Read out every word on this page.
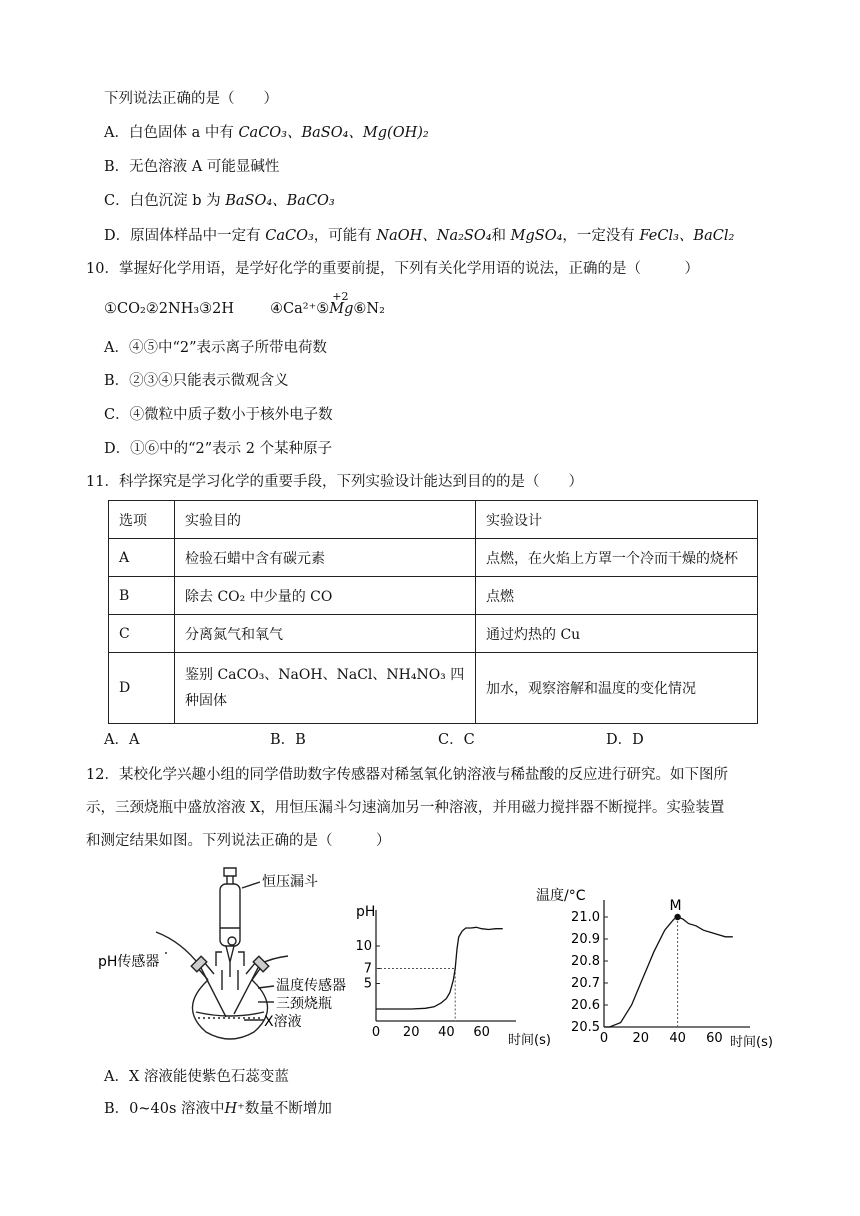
下列说法正确的是（　　）
A．白色固体 a 中有 CaCO₃、BaSO₄、Mg(OH)₂
B．无色溶液 A 可能显碱性
C．白色沉淀 b 为 BaSO₄、BaCO₃
D．原固体样品中一定有 CaCO₃，可能有 NaOH、Na₂SO₄和 MgSO₄，一定没有 FeCl₃、BaCl₂
10．掌握好化学用语，是学好化学的重要前提，下列有关化学用语的说法，正确的是（　　　）
①CO₂②2NH₃③2H ④Ca²⁺⑤Mg
+2
⑥N₂
A．④⑤中“2”表示离子所带电荷数
B．②③④只能表示微观含义
C．④微粒中质子数小于核外电子数
D．①⑥中的“2”表示 2 个某种原子
11．科学探究是学习化学的重要手段，下列实验设计能达到目的的是（　　）
选项	实验目的	实验设计
A	检验石蜡中含有碳元素	点燃，在火焰上方罩一个冷而干燥的烧杯
B	除去 CO₂ 中少量的 CO	点燃
C	分离氮气和氧气	通过灼热的 Cu
D	鉴别 CaCO₃、NaOH、NaCl、NH₄NO₃ 四种固体	加水，观察溶解和温度的变化情况
A．A	B．B	C．C	D．D
12．某校化学兴趣小组的同学借助数字传感器对稀氢氧化钠溶液与稀盐酸的反应进行研究。如下图所
示，三颈烧瓶中盛放溶液 X，用恒压漏斗匀速滴加另一种溶液，并用磁力搅拌器不断搅拌。实验装置
和测定结果如图。下列说法正确的是（　　　）
恒压漏斗
pH传感器
温度传感器
三颈烧瓶
X溶液
pH
时间(s)
0 20 40 60
5
7
10
温度/°C
时间(s)
0 20 40 60
20.5
20.6
20.7
20.8
20.9
21.0
M
A．X 溶液能使紫色石蕊变蓝
B．0~40s 溶液中H⁺数量不断增加
